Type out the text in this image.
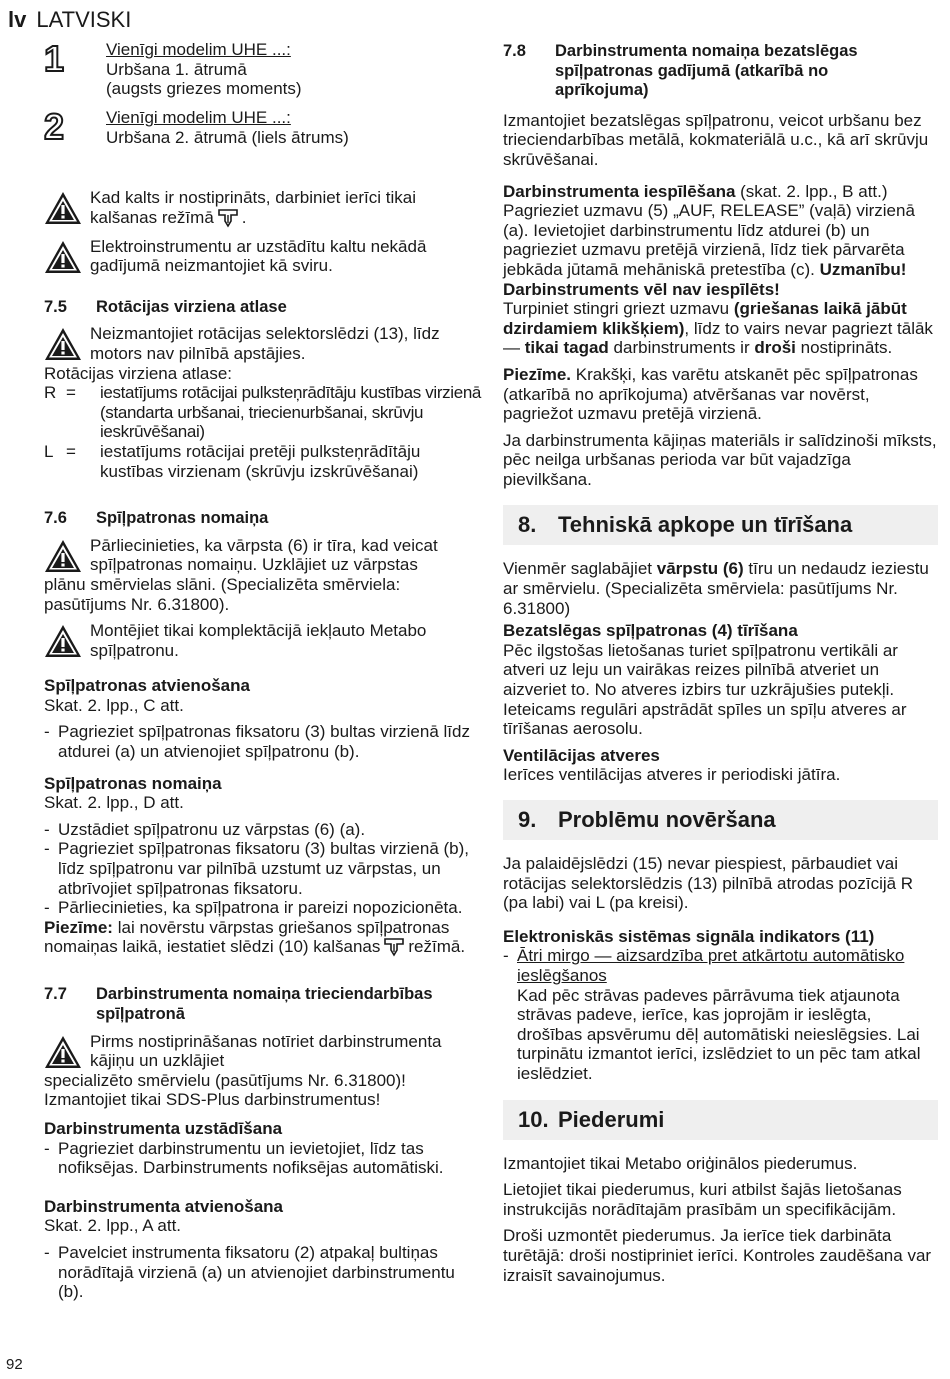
lv LATVISKI
1	Vienīgi modelim UHE ...:

Urbšana 1. ātrumā

(augsts griezes moments)

2	Vienīgi modelim UHE ...:

Urbšana 2. ātrumā (liels ātrums)

Kad kalts ir nostiprināts, darbiniet ierīci tikai kalšanas režīmā .

Elektroinstrumentu ar uzstādītu kaltu nekādā gadījumā neizmantojiet kā sviru.

7.5 Rotācijas virziena atlase

Neizmantojiet rotācijas selektorslēdzi (13), līdz motors nav pilnībā apstājies.

Rotācijas virziena atlase:

R = iestatījums rotācijai pulksteņrādītāju kustības virzienā (standarta urbšanai, triecienurbšanai, skrūvju ieskrūvēšanai)

L = iestatījums rotācijai pretēji pulksteņrādītāju kustības virzienam (skrūvju izskrūvēšanai)

7.6 Spīļpatronas nomaiņa

Pārliecinieties, ka vārpsta (6) ir tīra, kad veicat spīļpatronas nomaiņu. Uzklājiet uz vārpstas

plānu smērvielas slāni. (Specializēta smērviela: pasūtījums Nr. 6.31800).

Montējiet tikai komplektācijā iekļauto Metabo spīļpatronu.

Spīļpatronas atvienošana

Skat. 2. lpp., C att.

- Pagrieziet spīļpatronas fiksatoru (3) bultas virzienā līdz atdurei (a) un atvienojiet spīļpatronu (b).

Spīļpatronas nomaiņa

Skat. 2. lpp., D att.

- Uzstādiet spīļpatronu uz vārpstas (6) (a).

- Pagrieziet spīļpatronas fiksatoru (3) bultas virzienā (b), līdz spīļpatronu var pilnībā uzstumt uz vārpstas, un atbrīvojiet spīļpatronas fiksatoru.

- Pārliecinieties, ka spīļpatrona ir pareizi nopozicionēta.

Piezīme: lai novērstu vārpstas griešanos spīļpatronas nomaiņas laikā, iestatiet slēdzi (10) kalšanas režīmā.

7.7 Darbinstrumenta nomaiņa trieciendarbības spīļpatronā

Pirms nostiprināšanas notīriet darbinstrumenta kājiņu un uzklājiet

specializēto smērvielu (pasūtījums Nr. 6.31800)! Izmantojiet tikai SDS-Plus darbinstrumentus!

Darbinstrumenta uzstādīšana

- Pagrieziet darbinstrumentu un ievietojiet, līdz tas nofiksējas. Darbinstruments nofiksējas automātiski.

Darbinstrumenta atvienošana

Skat. 2. lpp., A att.

- Pavelciet instrumenta fiksatoru (2) atpakaļ bultiņas norādītajā virzienā (a) un atvienojiet darbinstrumentu (b).

92
7.8 Darbinstrumenta nomaiņa bezatslēgas spīļpatronas gadījumā (atkarībā no aprīkojuma)

Izmantojiet bezatslēgas spīļpatronu, veicot urbšanu bez trieciendarbības metālā, kokmateriālā u.c., kā arī skrūvju skrūvēšanai.

Darbinstrumenta iespīlēšana (skat. 2. lpp., B att.)

Pagrieziet uzmavu (5) „AUF, RELEASE” (vaļā) virzienā (a). Ievietojiet darbinstrumentu līdz atdurei (b) un pagrieziet uzmavu pretējā virzienā, līdz tiek pārvarēta jebkāda jūtamā mehāniskā pretestība (c). Uzmanību! Darbinstruments vēl nav iespīlēts!

Turpiniet stingri griezt uzmavu (griešanas laikā jābūt dzirdamiem klikšķiem), līdz to vairs nevar pagriezt tālāk — tikai tagad darbinstruments ir droši nostiprināts.

Piezīme. Krakšķi, kas varētu atskanēt pēc spīļpatronas (atkarībā no aprīkojuma) atvēršanas var novērst, pagriežot uzmavu pretējā virzienā.

Ja darbinstrumenta kājiņas materiāls ir salīdzinoši mīksts, pēc neilga urbšanas perioda var būt vajadzīga pievilkšana.

8. Tehniskā apkope un tīrīšana

Vienmēr saglabājiet vārpstu (6) tīru un nedaudz ieziestu ar smērvielu. (Specializēta smērviela: pasūtījums Nr. 6.31800)

Bezatslēgas spīļpatronas (4) tīrīšana

Pēc ilgstošas lietošanas turiet spīļpatronu vertikāli ar atveri uz leju un vairākas reizes pilnībā atveriet un aizveriet to. No atveres izbirs tur uzkrājušies putekļi. Ieteicams regulāri apstrādāt spīles un spīļu atveres ar tīrīšanas aerosolu.

Ventilācijas atveres

Ierīces ventilācijas atveres ir periodiski jātīra.

9. Problēmu novēršana

Ja palaidējslēdzi (15) nevar piespiest, pārbaudiet vai rotācijas selektorslēdzis (13) pilnībā atrodas pozīcijā R (pa labi) vai L (pa kreisi).

Elektroniskās sistēmas signāla indikators (11)

- Ātri mirgo — aizsardzība pret atkārtotu automātisko ieslēgšanos

Kad pēc strāvas padeves pārrāvuma tiek atjaunota strāvas padeve, ierīce, kas joprojām ir ieslēgta, drošības apsvērumu dēļ automātiski neieslēgsies. Lai turpinātu izmantot ierīci, izslēdziet to un pēc tam atkal ieslēdziet.

10. Piederumi

Izmantojiet tikai Metabo oriģinālos piederumus.

Lietojiet tikai piederumus, kuri atbilst šajās lietošanas instrukcijās norādītajām prasībām un specifikācijām.

Droši uzmontēt piederumus. Ja ierīce tiek darbināta turētājā: droši nostipriniet ierīci. Kontroles zaudēšana var izraisīt savainojumus.
